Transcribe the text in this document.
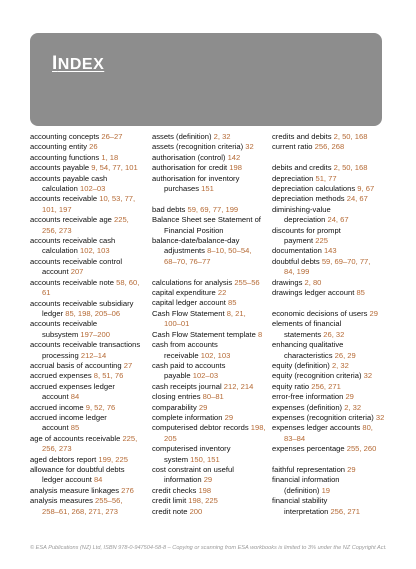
INDEX
accounting concepts 26–27
accounting entity 26
accounting functions 1, 18
accounts payable 9, 54, 77, 101
accounts payable cash
calculation 102–03
accounts receivable 10, 53, 77,
101, 197
accounts receivable age 225,
256, 273
accounts receivable cash
calculation 102, 103
accounts receivable control
account 207
accounts receivable note 58, 60,
61
accounts receivable subsidiary
ledger 85, 198, 205–06
accounts receivable
subsystem 197–200
accounts receivable transactions
processing 212–14
accrual basis of accounting 27
accrued expenses 8, 51, 76
accrued expenses ledger
account 84
accrued income 9, 52, 76
accrued income ledger
account 85
age of accounts receivable 225,
256, 273
aged debtors report 199, 225
allowance for doubtful debts
ledger account 84
analysis measure linkages 276
analysis measures 255–56,
258–61, 268, 271, 273
assets (definition) 2, 32
assets (recognition criteria) 32
authorisation (control) 142
authorisation for credit 198
authorisation for inventory
purchases 151
bad debts 59, 69, 77, 199
Balance Sheet see Statement of
Financial Position
balance-date/balance-day
adjustments 8–10, 50–54,
68–70, 76–77
calculations for analysis 255–56
capital expenditure 22
capital ledger account 85
Cash Flow Statement 8, 21,
100–01
Cash Flow Statement template 8
cash from accounts
receivable 102, 103
cash paid to accounts
payable 102–03
cash receipts journal 212, 214
closing entries 80–81
comparability 29
complete information 29
computerised debtor records 198,
205
computerised inventory
system 150, 151
cost constraint on useful
information 29
credit checks 198
credit limit 198, 225
credit note 200
credits and debits 2, 50, 168
current ratio 256, 268
debits and credits 2, 50, 168
depreciation 51, 77
depreciation calculations 9, 67
depreciation methods 24, 67
diminishing-value
depreciation 24, 67
discounts for prompt
payment 225
documentation 143
doubtful debts 59, 69–70, 77,
84, 199
drawings 2, 80
drawings ledger account 85
economic decisions of users 29
elements of financial
statements 26, 32
enhancing qualitative
characteristics 26, 29
equity (definition) 2, 32
equity (recognition criteria) 32
equity ratio 256, 271
error-free information 29
expenses (definition) 2, 32
expenses (recognition criteria) 32
expenses ledger accounts 80,
83–84
expenses percentage 255, 260
faithful representation 29
financial information
(definition) 19
financial stability
interpretation 256, 271
© ESA Publications (NZ) Ltd, ISBN 978-0-947504-58-8 – Copying or scanning from ESA workbooks is limited to 3% under the NZ Copyright Act.
